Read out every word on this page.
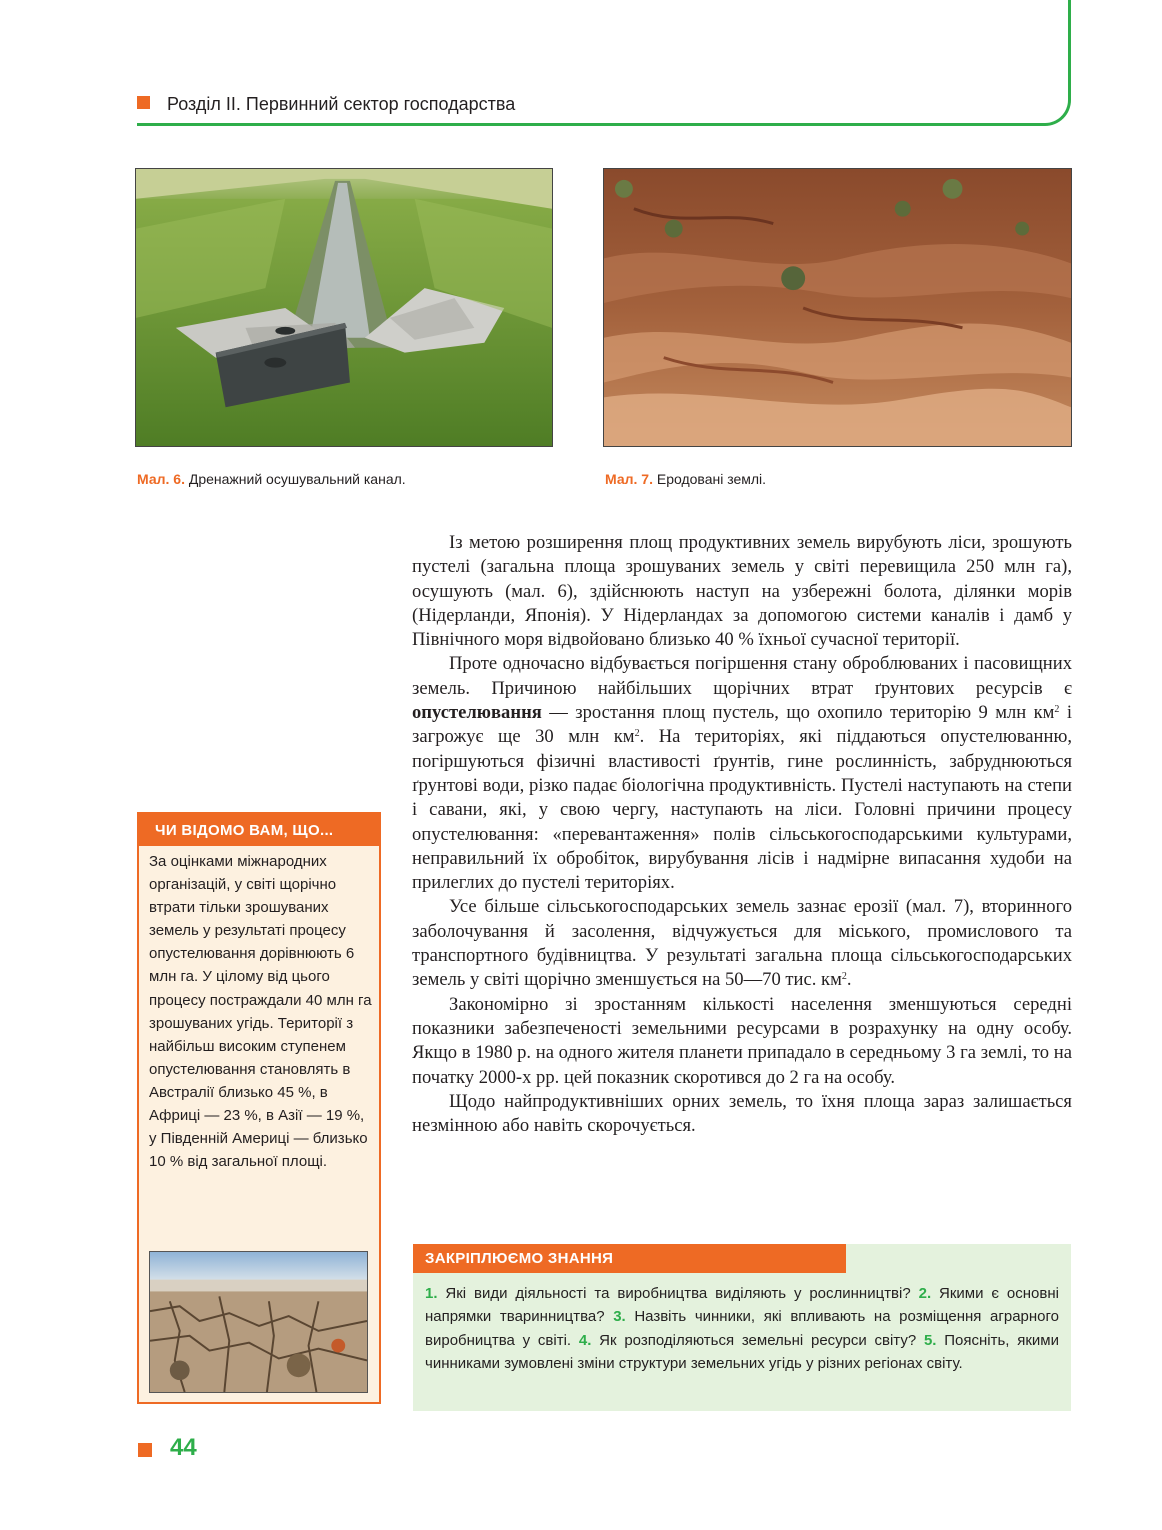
Розділ ІІ. Первинний сектор господарства
Мал. 6. Дренажний осушувальний канал.	Мал. 7. Еродовані землі.

Із метою розширення площ продуктивних земель вирубують ліси, зрошують пустелі (загальна площа зрошуваних земель у світі перевищила 250 млн га), осушують (мал. 6), здійснюють наступ на узбережні болота, ділянки морів (Нідерланди, Японія). У Нідерландах за допомогою системи каналів і дамб у Північного моря відвойовано близько 40 % їхньої сучасної території.

Проте одночасно відбувається погіршення стану оброблюваних і пасовищних земель. Причиною найбільших щорічних втрат ґрунтових ресурсів є опустелювання — зростання площ пустель, що охопило територію 9 млн $км^2$ і загрожує ще 30 млн $км^2$. На територіях, які піддаються опустелюванню, погіршуються фізичні властивості ґрунтів, гине рослинність, забруднюються ґрунтові води, різко падає біологічна продуктивність. Пустелі наступають на степи і савани, які, у свою чергу, наступають на ліси. Головні причини процесу опустелювання: «перевантаження» полів сільськогосподарськими культурами, неправильний їх обробіток, вирубування лісів і надмірне випасання худоби на прилеглих до пустелі територіях.

Усе більше сільськогосподарських земель зазнає ерозії (мал. 7), вторинного заболочування й засолення, відчужується для міського, промислового та транспортного будівництва. У результаті загальна площа сільськогосподарських земель у світі щорічно зменшується на 50—70 тис. $км^2$.

Закономірно зі зростанням кількості населення зменшуються середні показники забезпеченості земельними ресурсами в розрахунку на одну особу. Якщо в 1980 р. на одного жителя планети припадало в середньому 3 га землі, то на початку 2000-х рр. цей показник скоротився до 2 га на особу.

Щодо найпродуктивніших орних земель, то їхня площа зараз залишається незмінною або навіть скорочується.

ЧИ ВІДОМО ВАМ, ЩО...
За оцінками міжнародних організацій, у світі щорічно втрати тільки зрошуваних земель у результаті процесу опустелювання дорівнюють 6 млн га. У цілому від цього процесу постраждали 40 млн га зрошуваних угідь. Території з найбільш високим ступенем опустелювання становлять в Австралії близько 45 %, в Африці — 23 %, в Азії — 19 %, у Південній Америці — близько 10 % від загальної площі.
ЗАКРІПЛЮЄМО ЗНАННЯ
1. Які види діяльності та виробництва виділяють у рослинництві? 2. Якими є основні напрямки тваринництва? 3. Назвіть чинники, які впливають на розміщення аграрного виробництва у світі. 4. Як розподіляються земельні ресурси світу? 5. Поясніть, якими чинниками зумовлені зміни структури земельних угідь у різних регіонах світу.
44
